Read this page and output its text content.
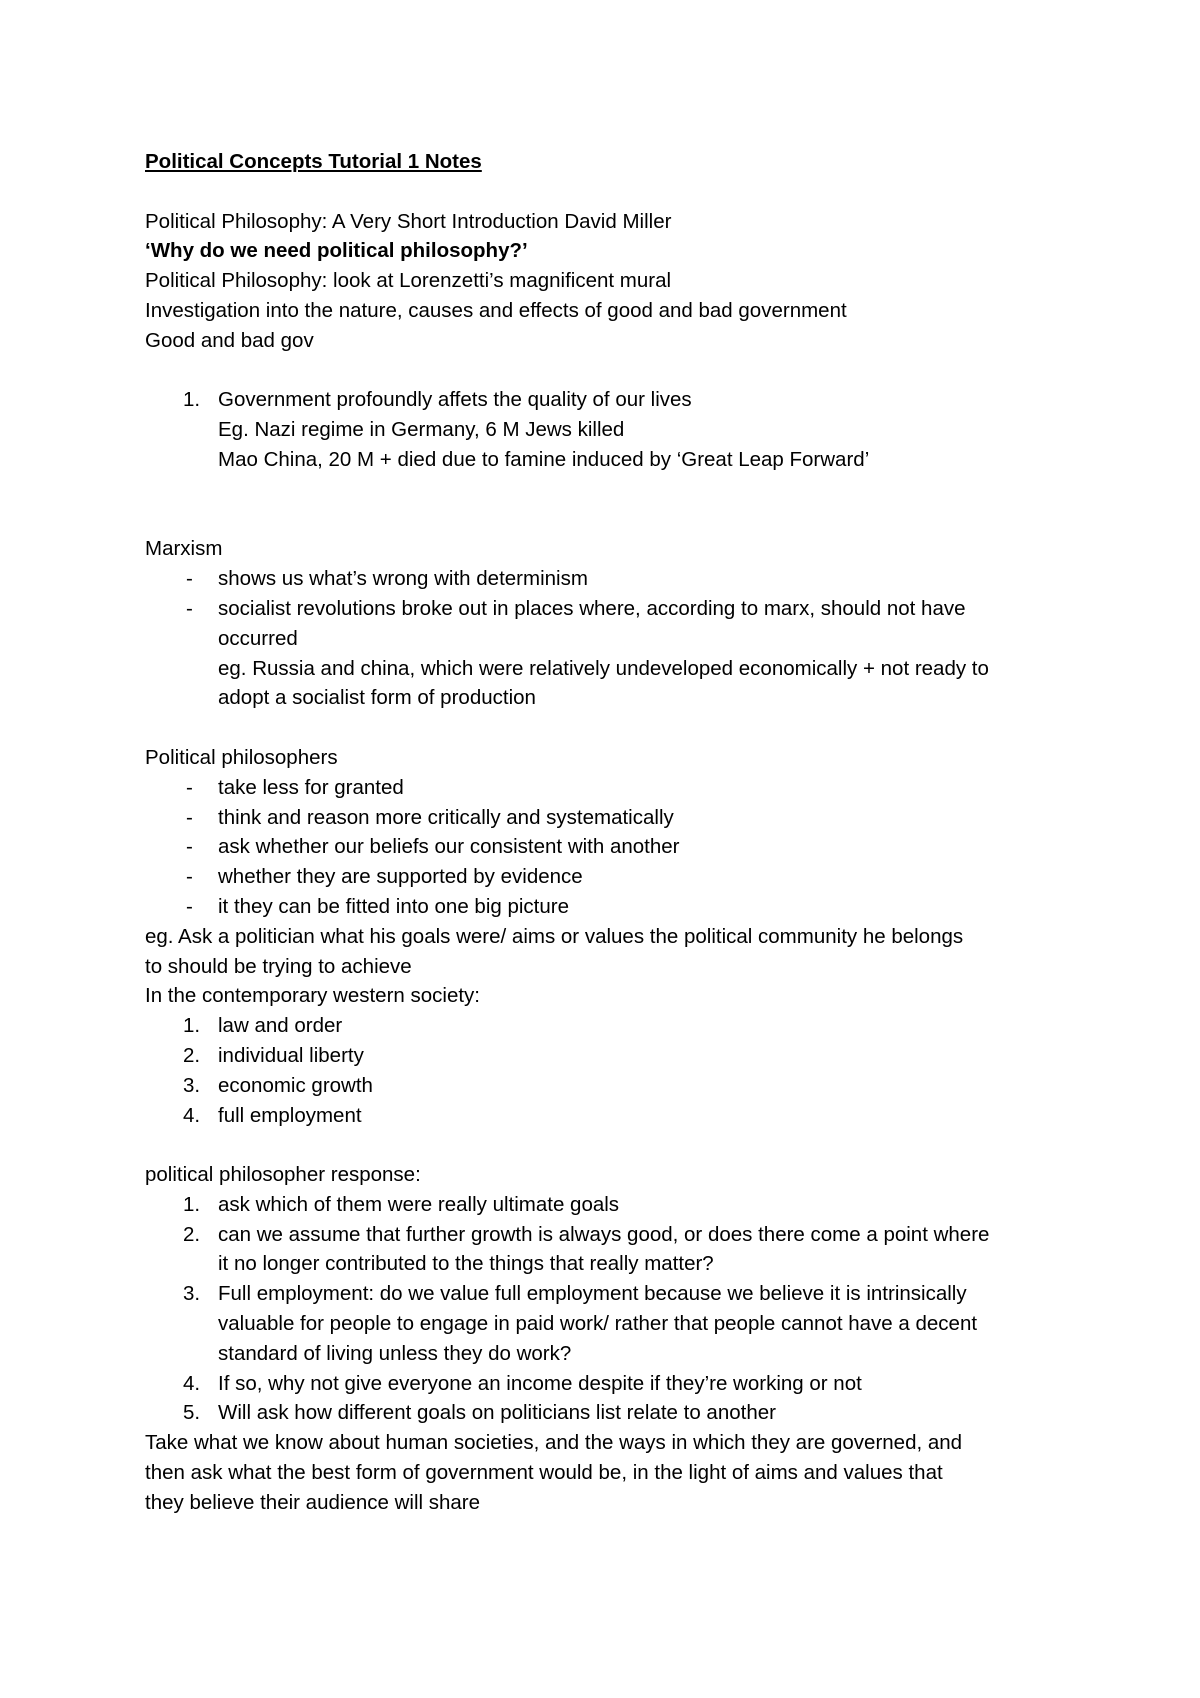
Political Concepts Tutorial 1 Notes
Political Philosophy: A Very Short Introduction David Miller
‘Why do we need political philosophy?’
Political Philosophy: look at Lorenzetti’s magnificent mural
Investigation into the nature, causes and effects of good and bad government
Good and bad gov
1. Government profoundly affets the quality of our lives
Eg. Nazi regime in Germany, 6 M Jews killed
Mao China, 20 M + died due to famine induced by ‘Great Leap Forward’
Marxism
-	shows us what’s wrong with determinism
-	socialist revolutions broke out in places where, according to marx, should not have
occurred
eg. Russia and china, which were relatively undeveloped economically + not ready to
adopt a socialist form of production
Political philosophers
-	take less for granted
-	think and reason more critically and systematically
-	ask whether our beliefs our consistent with another
-	whether they are supported by evidence
-	it they can be fitted into one big picture
eg. Ask a politician what his goals were/ aims or values the political community he belongs
to should be trying to achieve
In the contemporary western society:
1. law and order
2. individual liberty
3. economic growth
4. full employment
political philosopher response:
1. ask which of them were really ultimate goals
2. can we assume that further growth is always good, or does there come a point where
it no longer contributed to the things that really matter?
3. Full employment: do we value full employment because we believe it is intrinsically
valuable for people to engage in paid work/ rather that people cannot have a decent
standard of living unless they do work?
4. If so, why not give everyone an income despite if they’re working or not
5. Will ask how different goals on politicians list relate to another
Take what we know about human societies, and the ways in which they are governed, and
then ask what the best form of government would be, in the light of aims and values that
they believe their audience will share
